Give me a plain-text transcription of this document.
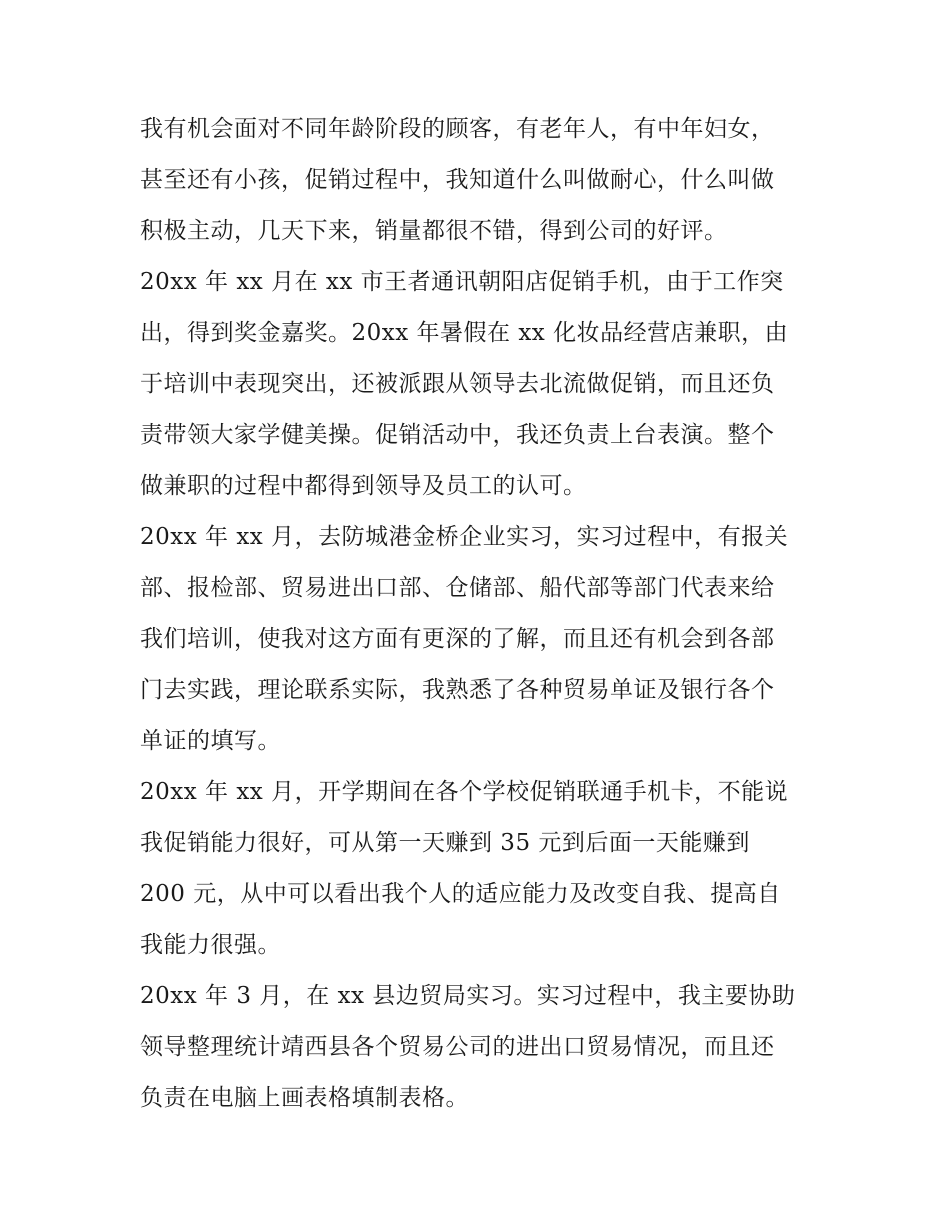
我有机会面对不同年龄阶段的顾客，有老年人，有中年妇女，
甚至还有小孩，促销过程中，我知道什么叫做耐心，什么叫做
积极主动，几天下来，销量都很不错，得到公司的好评。
20xx 年 xx 月在 xx 市王者通讯朝阳店促销手机，由于工作突
出，得到奖金嘉奖。20xx 年暑假在 xx 化妆品经营店兼职，由
于培训中表现突出，还被派跟从领导去北流做促销，而且还负
责带领大家学健美操。促销活动中，我还负责上台表演。整个
做兼职的过程中都得到领导及员工的认可。
20xx 年 xx 月，去防城港金桥企业实习，实习过程中，有报关
部、报检部、贸易进出口部、仓储部、船代部等部门代表来给
我们培训，使我对这方面有更深的了解，而且还有机会到各部
门去实践，理论联系实际，我熟悉了各种贸易单证及银行各个
单证的填写。
20xx 年 xx 月，开学期间在各个学校促销联通手机卡，不能说
我促销能力很好，可从第一天赚到 35 元到后面一天能赚到
200 元，从中可以看出我个人的适应能力及改变自我、提高自
我能力很强。
20xx 年 3 月，在 xx 县边贸局实习。实习过程中，我主要协助
领导整理统计靖西县各个贸易公司的进出口贸易情况，而且还
负责在电脑上画表格填制表格。
